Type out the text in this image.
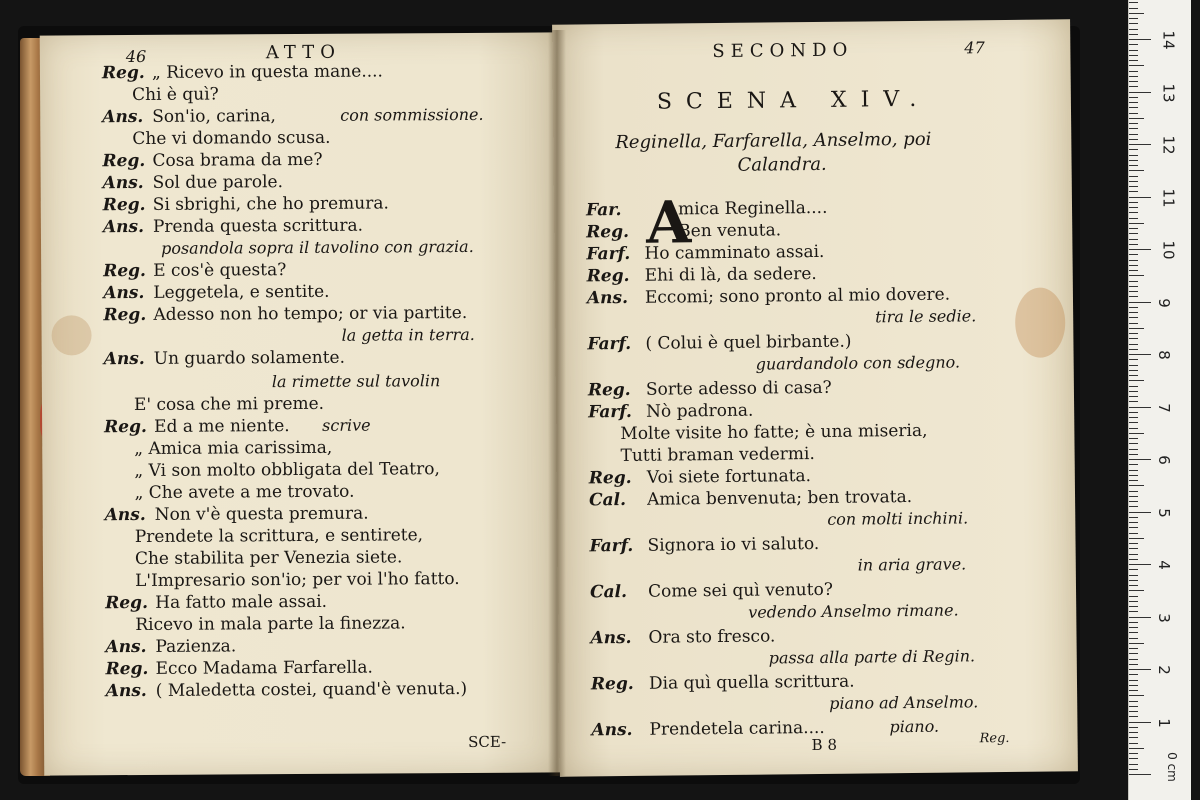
46	ATTO
Reg. „ Ricevo in questa mane....
Chi è quì?
Ans. Son'io, carina,	con sommissione.
Che vi domando scusa.
Reg. Cosa brama da me?
Ans. Sol due parole.
Reg. Si sbrighi, che ho premura.
Ans. Prenda questa scrittura.
posandola sopra il tavolino con grazia.
Reg. E cos'è questa?
Ans. Leggetela, e sentite.
Reg. Adesso non ho tempo; or via partite.
la getta in terra.
Ans. Un guardo solamente.
la rimette sul tavolin
E' cosa che mi preme.
Reg. Ed a me niente. scrive
„ Amica mia carissima,
„ Vi son molto obbligata del Teatro,
„ Che avete a me trovato.
Ans. Non v'è questa premura.
Prendete la scrittura, e sentirete,
Che stabilita per Venezia siete.
L'Impresario son'io; per voi l'ho fatto.
Reg. Ha fatto male assai.
Ricevo in mala parte la finezza.
Ans. Pazienza.
Reg. Ecco Madama Farfarella.
Ans. ( Maledetta costei, quand'è venuta.)
SCE-
SECONDO	47
SCENA XIV.
Reginella, Farfarella, Anselmo, poi
Calandra.
A
Far.	mica Reginella....
Reg.	Ben venuta.
Farf. Ho camminato assai.
Reg. Ehi di là, da sedere.
Ans. Eccomi; sono pronto al mio dovere.
tira le sedie.
Farf. ( Colui è quel birbante.)
guardandolo con sdegno.
Reg. Sorte adesso di casa?
Farf. Nò padrona.
Molte visite ho fatte; è una miseria,
Tutti braman vedermi.
Reg. Voi siete fortunata.
Cal. Amica benvenuta; ben trovata.
con molti inchini.
Farf. Signora io vi saluto.
in aria grave.
Cal. Come sei quì venuto?
vedendo Anselmo rimane.
Ans. Ora sto fresco.
passa alla parte di Regin.
Reg. Dia quì quella scrittura.
piano ad Anselmo.
Ans. Prendetela carina....	piano.
B 8	Reg.
0 cm
14
13
12
11
10
9
8
7
6
5
4
3
2
1
